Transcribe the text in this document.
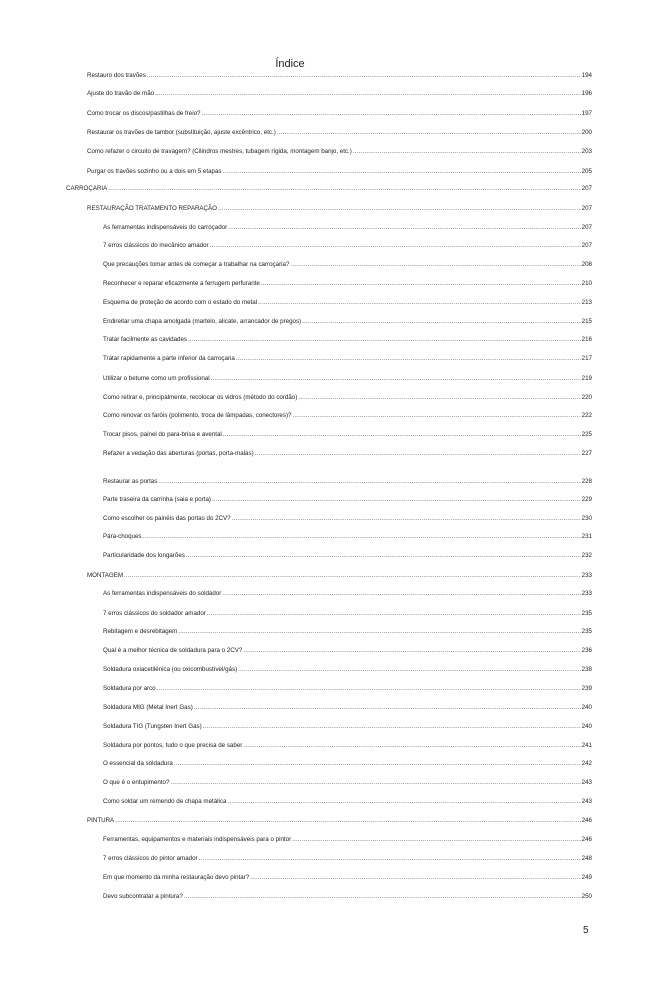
Índice
Restauro dos travões .....	194
Ajuste do travão de mão .....	196
Como trocar os discos/pastilhas de freio? .....	197
Restaurar os travões de tambor (substituição, ajuste excêntrico, etc.) .....	200
Como refazer o circuito de travagem? (Cilindros mestres, tubagem rígida, montagem banjo, etc.) .....	203
Purgar os travões sozinho ou a dois em 5 etapas .....	205
CARROÇARIA .....	207
RESTAURAÇÃO TRATAMENTO REPARAÇÃO .....	207
As ferramentas indispensáveis do carroçador .....	207
7 erros clássicos do mecânico amador .....	207
Que precauções tomar antes de começar a trabalhar na carroçaria? .....	208
Reconhecer e reparar eficazmente a ferrugem perfurante .....	210
Esquema de proteção de acordo com o estado do metal .....	213
Endireitar uma chapa amolgada (martelo, alicate, arrancador de pregos) .....	215
Tratar facilmente as cavidades .....	216
Tratar rapidamente a parte inferior da carroçaria .....	217
Utilizar o betume como um profissional .....	219
Como retirar e, principalmente, recolocar os vidros (método do cordão) .....	220
Como renovar os faróis (polimento, troca de lâmpadas, conectores)? .....	222
Trocar pisos, painel do para-brisa e avental .....	225
Refazer a vedação das aberturas (portas, porta-malas) .....	227
Restaurar as portas .....	228
Parte traseira da carrinha (saia e porta) .....	229
Como escolher os painéis das portas do 2CV? .....	230
Pára-choques .....	231
Particularidade dos longarões .....	232
MONTAGEM .....	233
As ferramentas indispensáveis do soldador .....	233
7 erros clássicos do soldador amador .....	235
Rebitagem e desrebitagem .....	235
Qual é a melhor técnica de soldadura para o 2CV? .....	236
Soldadura oxiacetilénica (ou oxicombustível/gás) .....	238
Soldadura por arco .....	239
Soldadura MIG (Metal Inert Gas) .....	240
Soldadura TIG (Tungsten Inert Gas) .....	240
Soldadura por pontos, tudo o que precisa de saber .....	241
O essencial da soldadura .....	242
O que é o entupimento? .....	243
Como soldar um remendo de chapa metálica .....	243
PINTURA .....	246
Ferramentas, equipamentos e materiais indispensáveis para o pintor .....	246
7 erros clássicos do pintor amador .....	248
Em que momento da minha restauração devo pintar? .....	249
Devo subcontratar a pintura? .....	250
5
